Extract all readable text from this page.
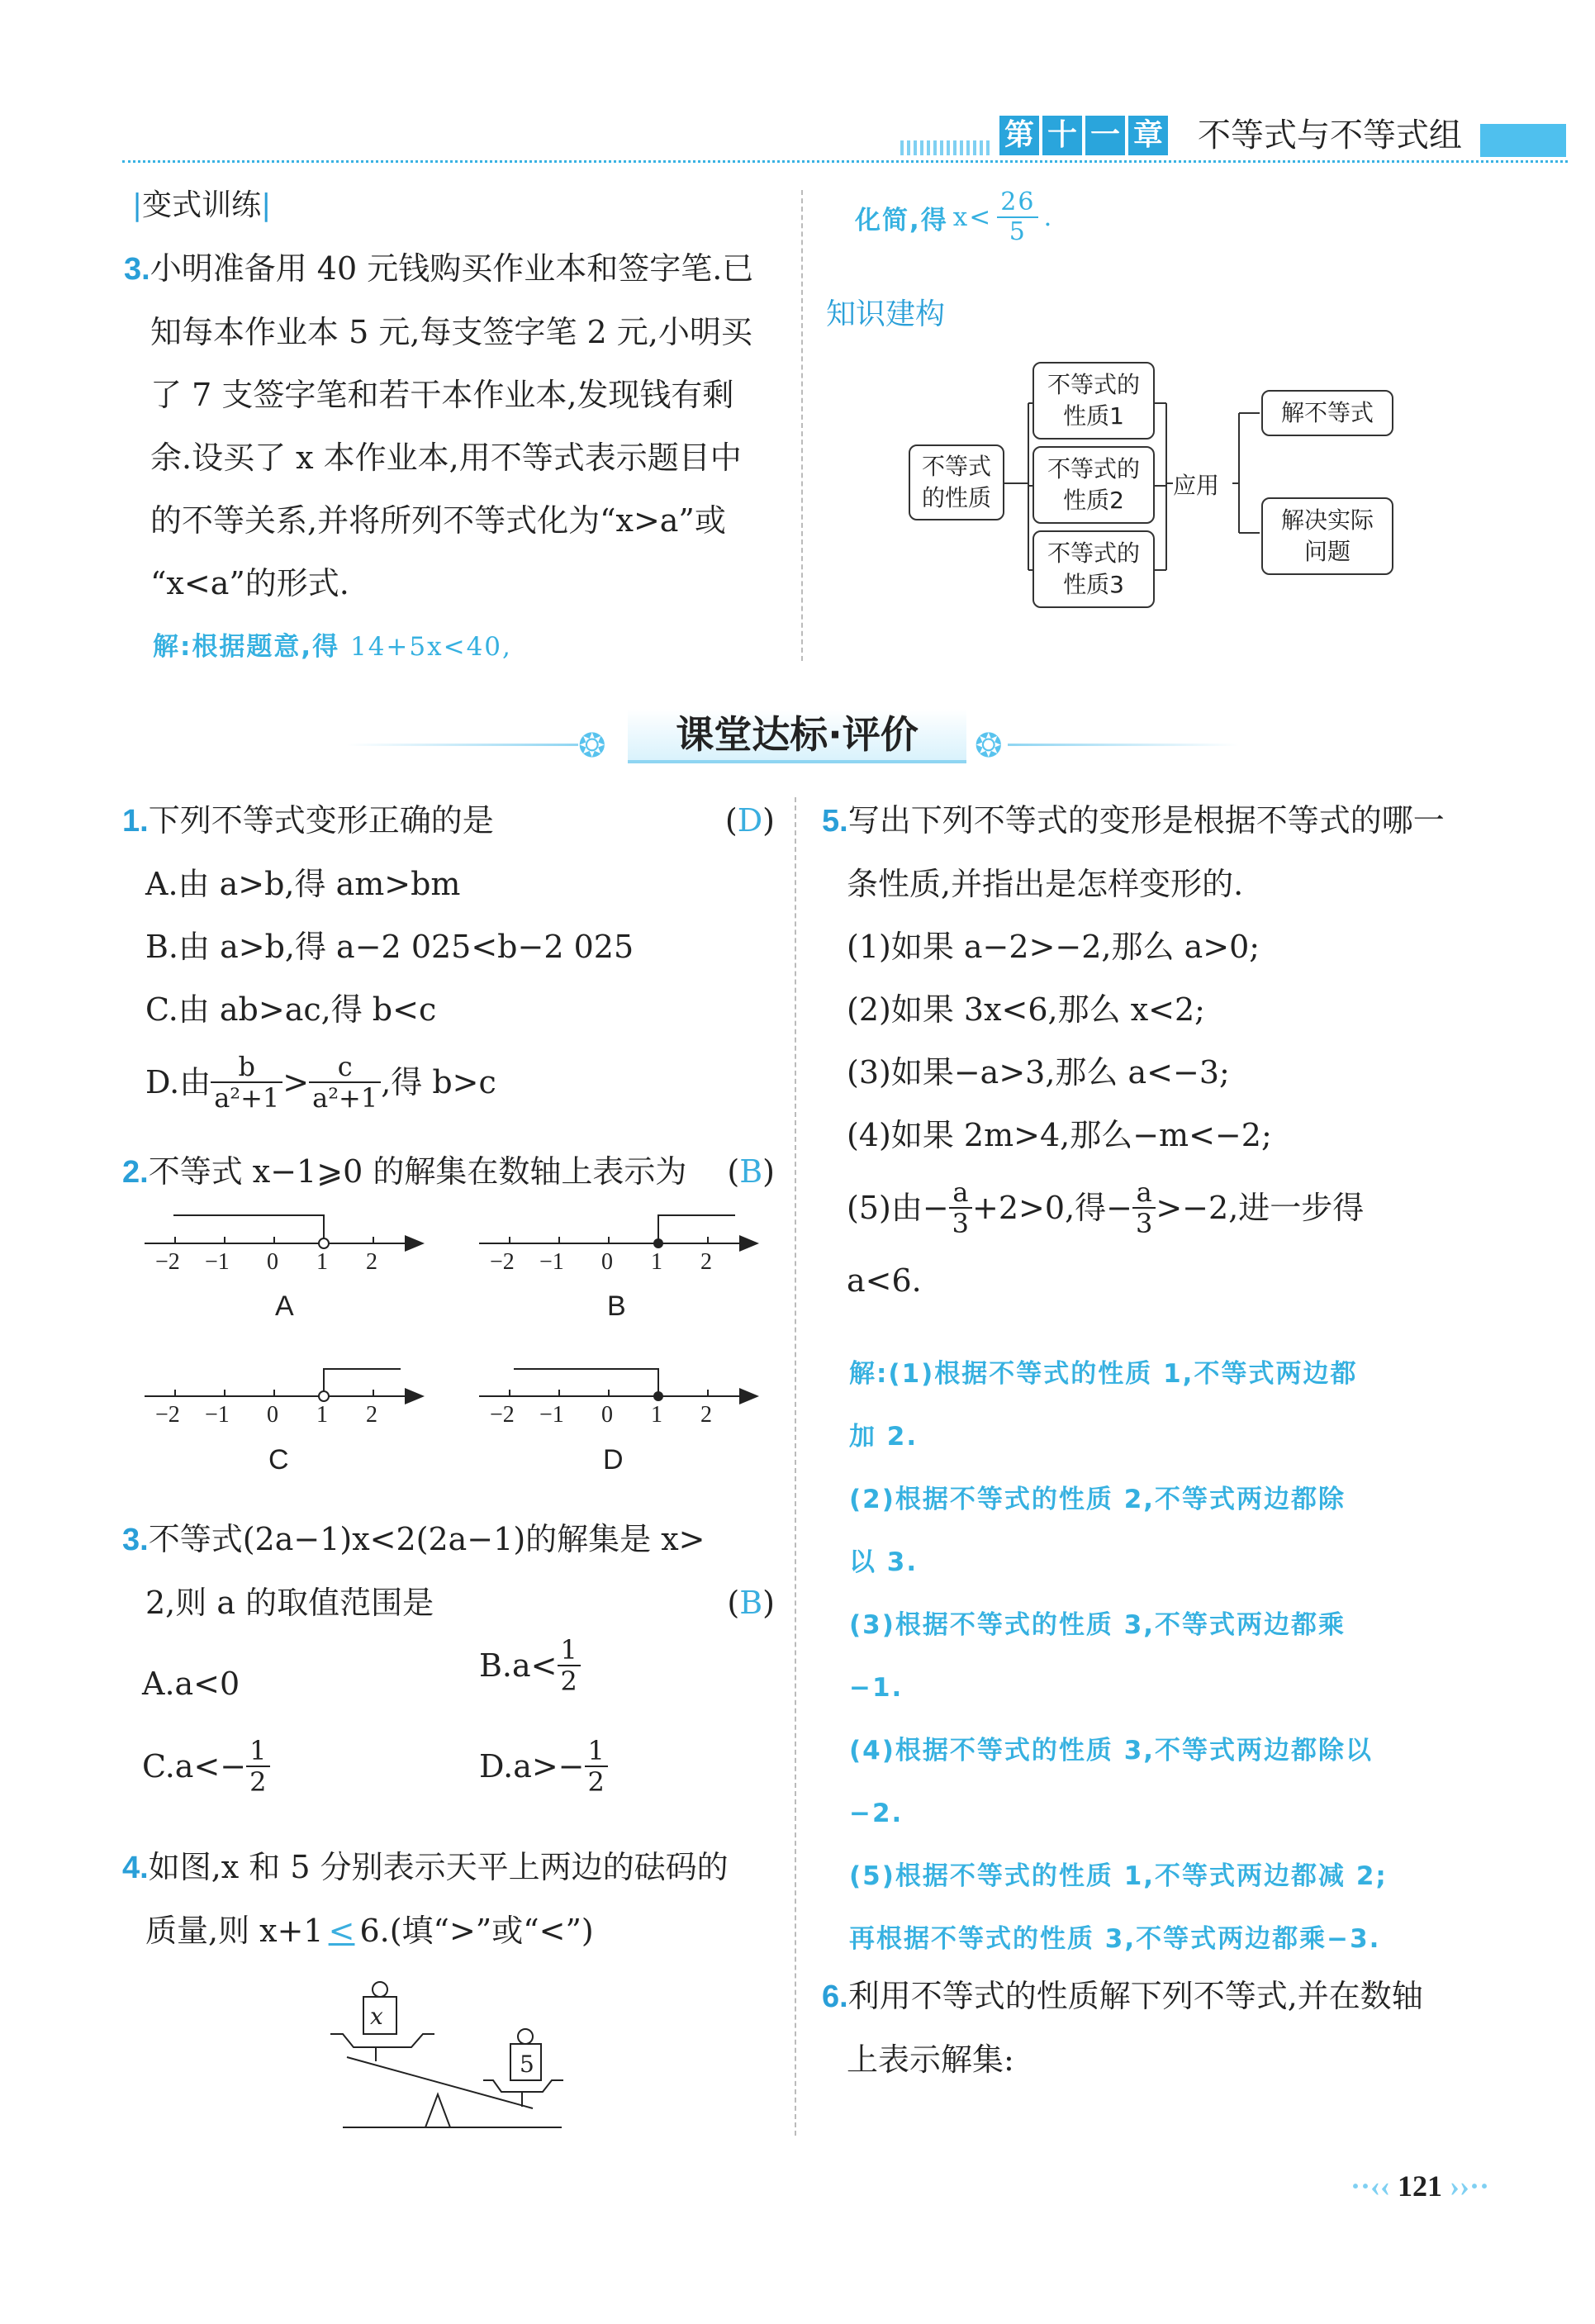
第 十 一 章 不等式与不等式组
|变式训练|
3.小明准备用 40 元钱购买作业本和签字笔.已
知每本作业本 5 元,每支签字笔 2 元,小明买
了 7 支签字笔和若干本作业本,发现钱有剩
余.设买了 x 本作业本,用不等式表示题目中
的不等关系,并将所列不等式化为“x>a”或
“x<a”的形式.
解:根据题意,得 14+5x<40,
化简,得 $x< \frac{26}{5}$ .
知识建构
不等式的性质
不等式的性质1
不等式的性质2
不等式的性质3
应用
解不等式
解决实际问题
❂	❂
课堂达标·评价
1.下列不等式变形正确的是	(D)
A.由 a>b,得 am>bm
B.由 a>b,得 a−2 025<b−2 025
C.由 ab>ac,得 b<c
D.由 $\frac{b}{\text{a²+1}} > \frac{c}{\text{a²+1}}$ ,得 b>c
2.不等式 x−1⩾0 的解集在数轴上表示为 (B)
−2 −1 0 1 2	−2 −1 0 1 2
−2 −1 0 1 2	−2 −1 0 1 2
A	B
C	D
3.不等式(2a−1)x<2(2a−1)的解集是 x>
2,则 a 的取值范围是	(B)
A.a<0	$B.a< \frac{1}{2}$
$C.a<- \frac{1}{2}$	$D.a>- \frac{1}{2}$
4.如图,x 和 5 分别表示天平上两边的砝码的
质量,则 x+1 < 6.(填“>”或“<”)
x
5
5.写出下列不等式的变形是根据不等式的哪一
条性质,并指出是怎样变形的.
(1)如果 a−2>−2,那么 a>0;
(2)如果 3x<6,那么 x<2;
(3)如果−a>3,那么 a<−3;
(4)如果 2m>4,那么−m<−2;
(5)由− $\frac{a}{3} +2>0$,得− $\frac{a}{3} >-2$,进一步得
a<6.
解:(1)根据不等式的性质 1,不等式两边都
加 2.
(2)根据不等式的性质 2,不等式两边都除
以 3.
(3)根据不等式的性质 3,不等式两边都乘
−1.
(4)根据不等式的性质 3,不等式两边都除以
−2.
(5)根据不等式的性质 1,不等式两边都减 2;
再根据不等式的性质 3,不等式两边都乘−3.
6.利用不等式的性质解下列不等式,并在数轴
上表示解集:
··‹‹ 121 ››··
